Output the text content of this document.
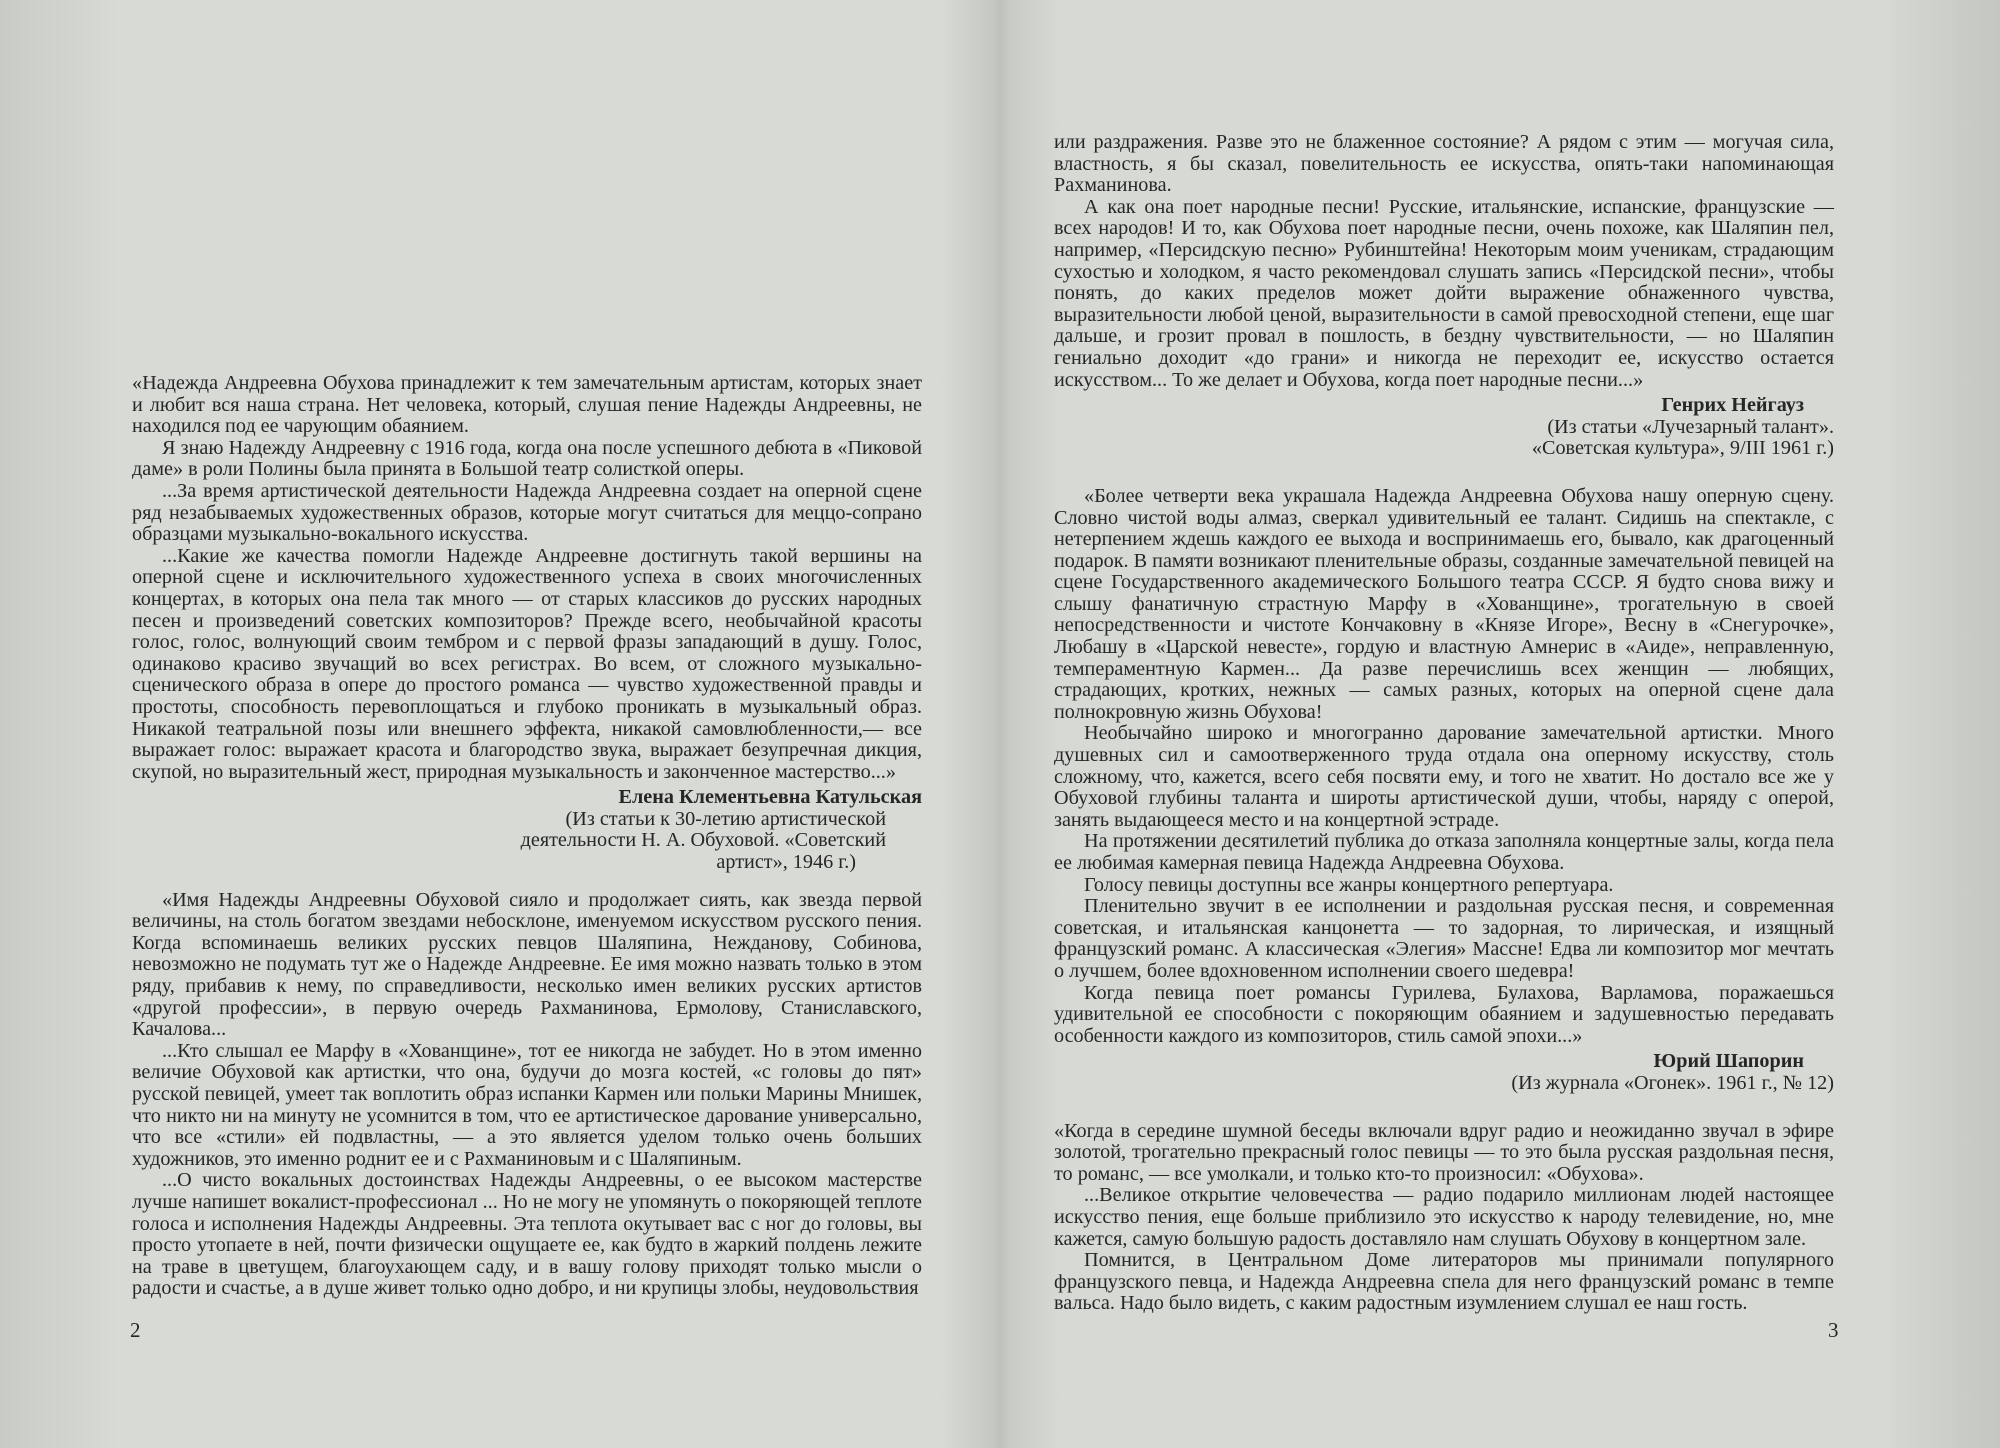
«Надежда Андреевна Обухова принадлежит к тем замечательным артистам, которых знает и любит вся наша страна. Нет человека, который, слушая пение Надежды Андреевны, не находился под ее чарующим обаянием.

Я знаю Надежду Андреевну с 1916 года, когда она после успешного дебюта в «Пиковой даме» в роли Полины была принята в Большой театр солисткой оперы.

...За время артистической деятельности Надежда Андреевна создает на оперной сцене ряд незабываемых художественных образов, которые могут считаться для меццо-сопрано образцами музыкально-вокального искусства.

...Какие же качества помогли Надежде Андреевне достигнуть такой вершины на оперной сцене и исключительного художественного успеха в своих многочисленных концертах, в которых она пела так много — от старых классиков до русских народных песен и произведений советских композиторов? Прежде всего, необычайной красоты голос, голос, волнующий своим тембром и с первой фразы западающий в душу. Голос, одинаково красиво звучащий во всех регистрах. Во всем, от сложного музыкально-сценического образа в опере до простого романса — чувство художественной правды и простоты, способность перевоплощаться и глубоко проникать в музыкальный образ. Никакой театральной позы или внешнего эффекта, никакой самовлюбленности,— все выражает голос: выражает красота и благородство звука, выражает безупречная дикция, скупой, но выразительный жест, природная музыкальность и законченное мастерство...»

Елена Клементьевна Катульская
(Из статьи к 30-летию артистической
деятельности Н. А. Обуховой. «Советский
артист», 1946 г.)

«Имя Надежды Андреевны Обуховой сияло и продолжает сиять, как звезда первой величины, на столь богатом звездами небосклоне, именуемом искусством русского пения. Когда вспоминаешь великих русских певцов Шаляпина, Нежданову, Собинова, невозможно не подумать тут же о Надежде Андреевне. Ее имя можно назвать только в этом ряду, прибавив к нему, по справедливости, несколько имен великих русских артистов «другой профессии», в первую очередь Рахманинова, Ермолову, Станиславского, Качалова...

...Кто слышал ее Марфу в «Хованщине», тот ее никогда не забудет. Но в этом именно величие Обуховой как артистки, что она, будучи до мозга костей, «с головы до пят» русской певицей, умеет так воплотить образ испанки Кармен или польки Марины Мнишек, что никто ни на минуту не усомнится в том, что ее артистическое дарование универсально, что все «стили» ей подвластны, — а это является уделом только очень больших художников, это именно роднит ее и с Рахманиновым и с Шаляпиным.

...О чисто вокальных достоинствах Надежды Андреевны, о ее высоком мастерстве лучше напишет вокалист-профессионал ... Но не могу не упомянуть о покоряющей теплоте голоса и исполнения Надежды Андреевны. Эта теплота окутывает вас с ног до головы, вы просто утопаете в ней, почти физически ощущаете ее, как будто в жаркий полдень лежите на траве в цветущем, благоухающем саду, и в вашу голову приходят только мысли о радости и счастье, а в душе живет только одно добро, и ни крупицы злобы, неудовольствия

2

или раздражения. Разве это не блаженное состояние? А рядом с этим — могучая сила, властность, я бы сказал, повелительность ее искусства, опять-таки напоминающая Рахманинова.

А как она поет народные песни! Русские, итальянские, испанские, французские — всех народов! И то, как Обухова поет народные песни, очень похоже, как Шаляпин пел, например, «Персидскую песню» Рубинштейна! Некоторым моим ученикам, страдающим сухостью и холодком, я часто рекомендовал слушать запись «Персидской песни», чтобы понять, до каких пределов может дойти выражение обнаженного чувства, выразительности любой ценой, выразительности в самой превосходной степени, еще шаг дальше, и грозит провал в пошлость, в бездну чувствительности, — но Шаляпин гениально доходит «до грани» и никогда не переходит ее, искусство остается искусством... То же делает и Обухова, когда поет народные песни...»

Генрих Нейгауз
(Из статьи «Лучезарный талант».
«Советская культура», 9/III 1961 г.)

«Более четверти века украшала Надежда Андреевна Обухова нашу оперную сцену. Словно чистой воды алмаз, сверкал удивительный ее талант. Сидишь на спектакле, с нетерпением ждешь каждого ее выхода и воспринимаешь его, бывало, как драгоценный подарок. В памяти возникают пленительные образы, созданные замечательной певицей на сцене Государственного академического Большого театра СССР. Я будто снова вижу и слышу фанатичную страстную Марфу в «Хованщине», трогательную в своей непосредственности и чистоте Кончаковну в «Князе Игоре», Весну в «Снегурочке», Любашу в «Царской невесте», гордую и властную Амнерис в «Аиде», неправленную, темпераментную Кармен... Да разве перечислишь всех женщин — любящих, страдающих, кротких, нежных — самых разных, которых на оперной сцене дала полнокровную жизнь Обухова!

Необычайно широко и многогранно дарование замечательной артистки. Много душевных сил и самоотверженного труда отдала она оперному искусству, столь сложному, что, кажется, всего себя посвяти ему, и того не хватит. Но досталo все же у Обуховой глубины таланта и широты артистической души, чтобы, наряду с оперой, занять выдающееся место и на концертной эстраде.

На протяжении десятилетий публика до отказа заполняла концертные залы, когда пела ее любимая камерная певица Надежда Андреевна Обухова.

Голосу певицы доступны все жанры концертного репертуара.

Пленительно звучит в ее исполнении и раздольная русская песня, и современная советская, и итальянская канцонетта — то задорная, то лирическая, и изящный французский романс. А классическая «Элегия» Массне! Едва ли композитор мог мечтать о лучшем, более вдохновенном исполнении своего шедевра!

Когда певица поет романсы Гурилева, Булахова, Варламова, поражаешься удивительной ее способности с покоряющим обаянием и задушевностью передавать особенности каждого из композиторов, стиль самой эпохи...»

Юрий Шапорин
(Из журнала «Огонек». 1961 г., № 12)

«Когда в середине шумной беседы включали вдруг радио и неожиданно звучал в эфире золотой, трогательно прекрасный голос певицы — то это была русская раздольная песня, то романс, — все умолкали, и только кто-то произносил: «Обухова».

...Великое открытие человечества — радио подарило миллионам людей настоящее искусство пения, еще больше приблизило это искусство к народу телевидение, но, мне кажется, самую большую радость доставляло нам слушать Обухову в концертном зале.

Помнится, в Центральном Доме литераторов мы принимали популярного французского певца, и Надежда Андреевна спела для него французский романс в темпе вальса. Надо было видеть, с каким радостным изумлением слушал ее наш гость.

3
